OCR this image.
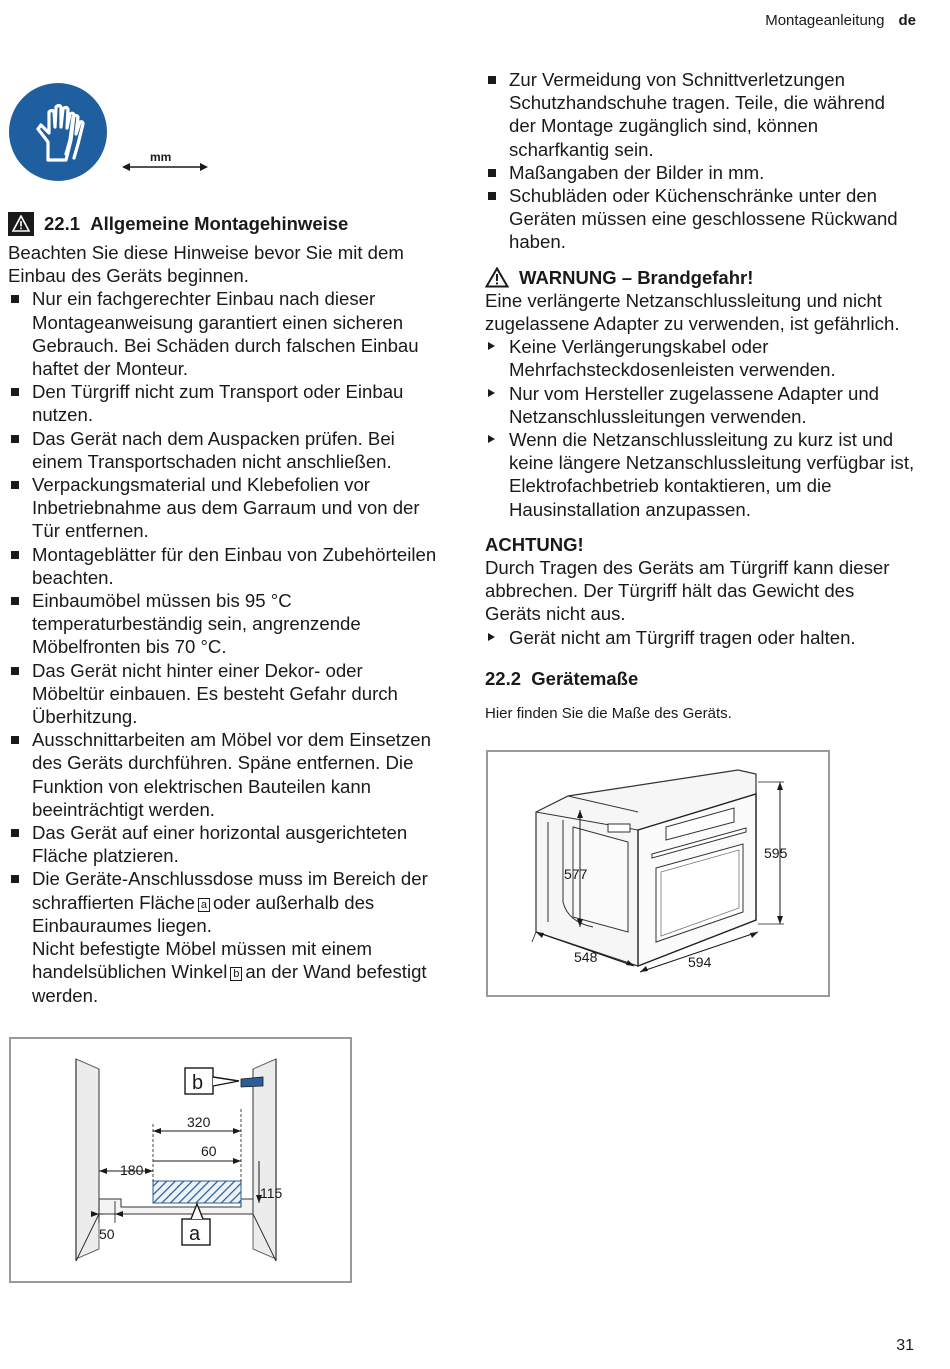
Montageanleitung de
mm
22.1
Allgemeine Montagehinweise
Beachten Sie diese Hinweise bevor Sie mit dem Einbau des Geräts beginnen.
Nur ein fachgerechter Einbau nach dieser Montageanweisung garantiert einen sicheren Gebrauch. Bei Schäden durch falschen Einbau haftet der Monteur.
Den Türgriff nicht zum Transport oder Einbau nutzen.
Das Gerät nach dem Auspacken prüfen. Bei einem Transportschaden nicht anschließen.
Verpackungsmaterial und Klebefolien vor Inbetriebnahme aus dem Garraum und von der Tür entfernen.
Montageblätter für den Einbau von Zubehörteilen beachten.
Einbaumöbel müssen bis 95 °C temperaturbeständig sein, angrenzende Möbelfronten bis 70 °C.
Das Gerät nicht hinter einer Dekor- oder Möbeltür einbauen. Es besteht Gefahr durch Überhitzung.
Ausschnittarbeiten am Möbel vor dem Einsetzen des Geräts durchführen. Späne entfernen. Die Funktion von elektrischen Bauteilen kann beeinträchtigt werden.
Das Gerät auf einer horizontal ausgerichteten Fläche platzieren.
Die Geräte-Anschlussdose muss im Bereich der schraffierten Fläche a oder außerhalb des Einbauraumes liegen.
Nicht befestigte Möbel müssen mit einem handelsüblichen Winkel b an der Wand befestigt werden.
Zur Vermeidung von Schnittverletzungen Schutzhandschuhe tragen. Teile, die während der Montage zugänglich sind, können scharfkantig sein.
Maßangaben der Bilder in mm.
Schubläden oder Küchenschränke unter den Geräten müssen eine geschlossene Rückwand haben.
WARNUNG – Brandgefahr!
Eine verlängerte Netzanschlussleitung und nicht zugelassene Adapter zu verwenden, ist gefährlich.
Keine Verlängerungskabel oder Mehrfachsteckdosenleisten verwenden.
Nur vom Hersteller zugelassene Adapter und Netzanschlussleitungen verwenden.
Wenn die Netzanschlussleitung zu kurz ist und keine längere Netzanschlussleitung verfügbar ist, Elektrofachbetrieb kontaktieren, um die Hausinstallation anzupassen.
ACHTUNG!
Durch Tragen des Geräts am Türgriff kann dieser abbrechen. Der Türgriff hält das Gewicht des Geräts nicht aus.
Gerät nicht am Türgriff tragen oder halten.
22.2 Gerätemaße
Hier finden Sie die Maße des Geräts.
b
a
320
60
180
115
50
595
577
548	594
31
